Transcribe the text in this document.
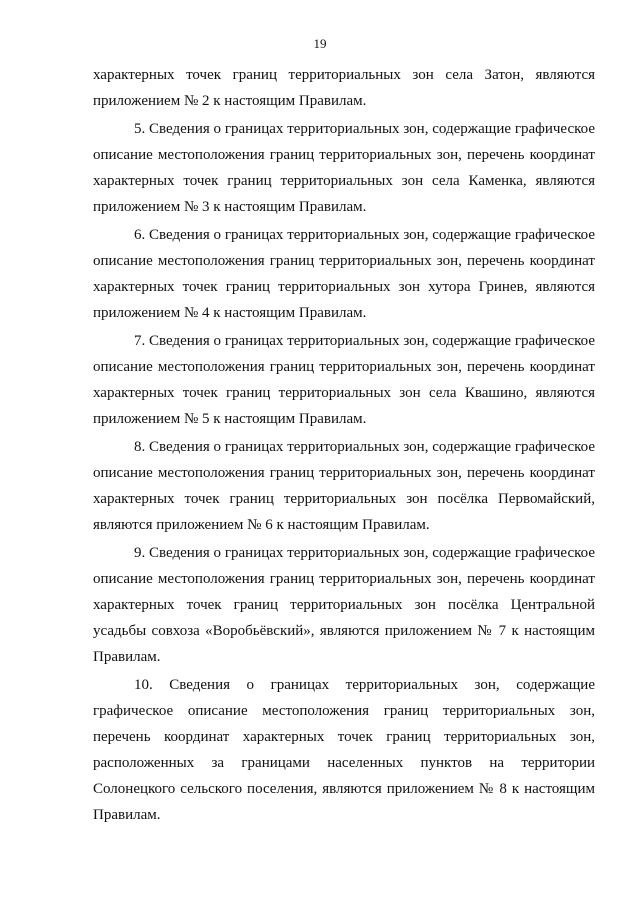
19

характерных точек границ территориальных зон села Затон, являются приложением № 2 к настоящим Правилам.

5. Сведения о границах территориальных зон, содержащие графическое описание местоположения границ территориальных зон, перечень координат характерных точек границ территориальных зон села Каменка, являются приложением № 3 к настоящим Правилам.

6. Сведения о границах территориальных зон, содержащие графическое описание местоположения границ территориальных зон, перечень координат характерных точек границ территориальных зон хутора Гринев, являются приложением № 4 к настоящим Правилам.

7. Сведения о границах территориальных зон, содержащие графическое описание местоположения границ территориальных зон, перечень координат характерных точек границ территориальных зон села Квашино, являются приложением № 5 к настоящим Правилам.

8. Сведения о границах территориальных зон, содержащие графическое описание местоположения границ территориальных зон, перечень координат характерных точек границ территориальных зон посёлка Первомайский, являются приложением № 6 к настоящим Правилам.

9. Сведения о границах территориальных зон, содержащие графическое описание местоположения границ территориальных зон, перечень координат характерных точек границ территориальных зон посёлка Центральной усадьбы совхоза «Воробьёвский», являются приложением № 7 к настоящим Правилам.

10. Сведения о границах территориальных зон, содержащие графическое описание местоположения границ территориальных зон, перечень координат характерных точек границ территориальных зон, расположенных за границами населенных пунктов на территории Солонецкого сельского поселения, являются приложением № 8 к настоящим Правилам.
